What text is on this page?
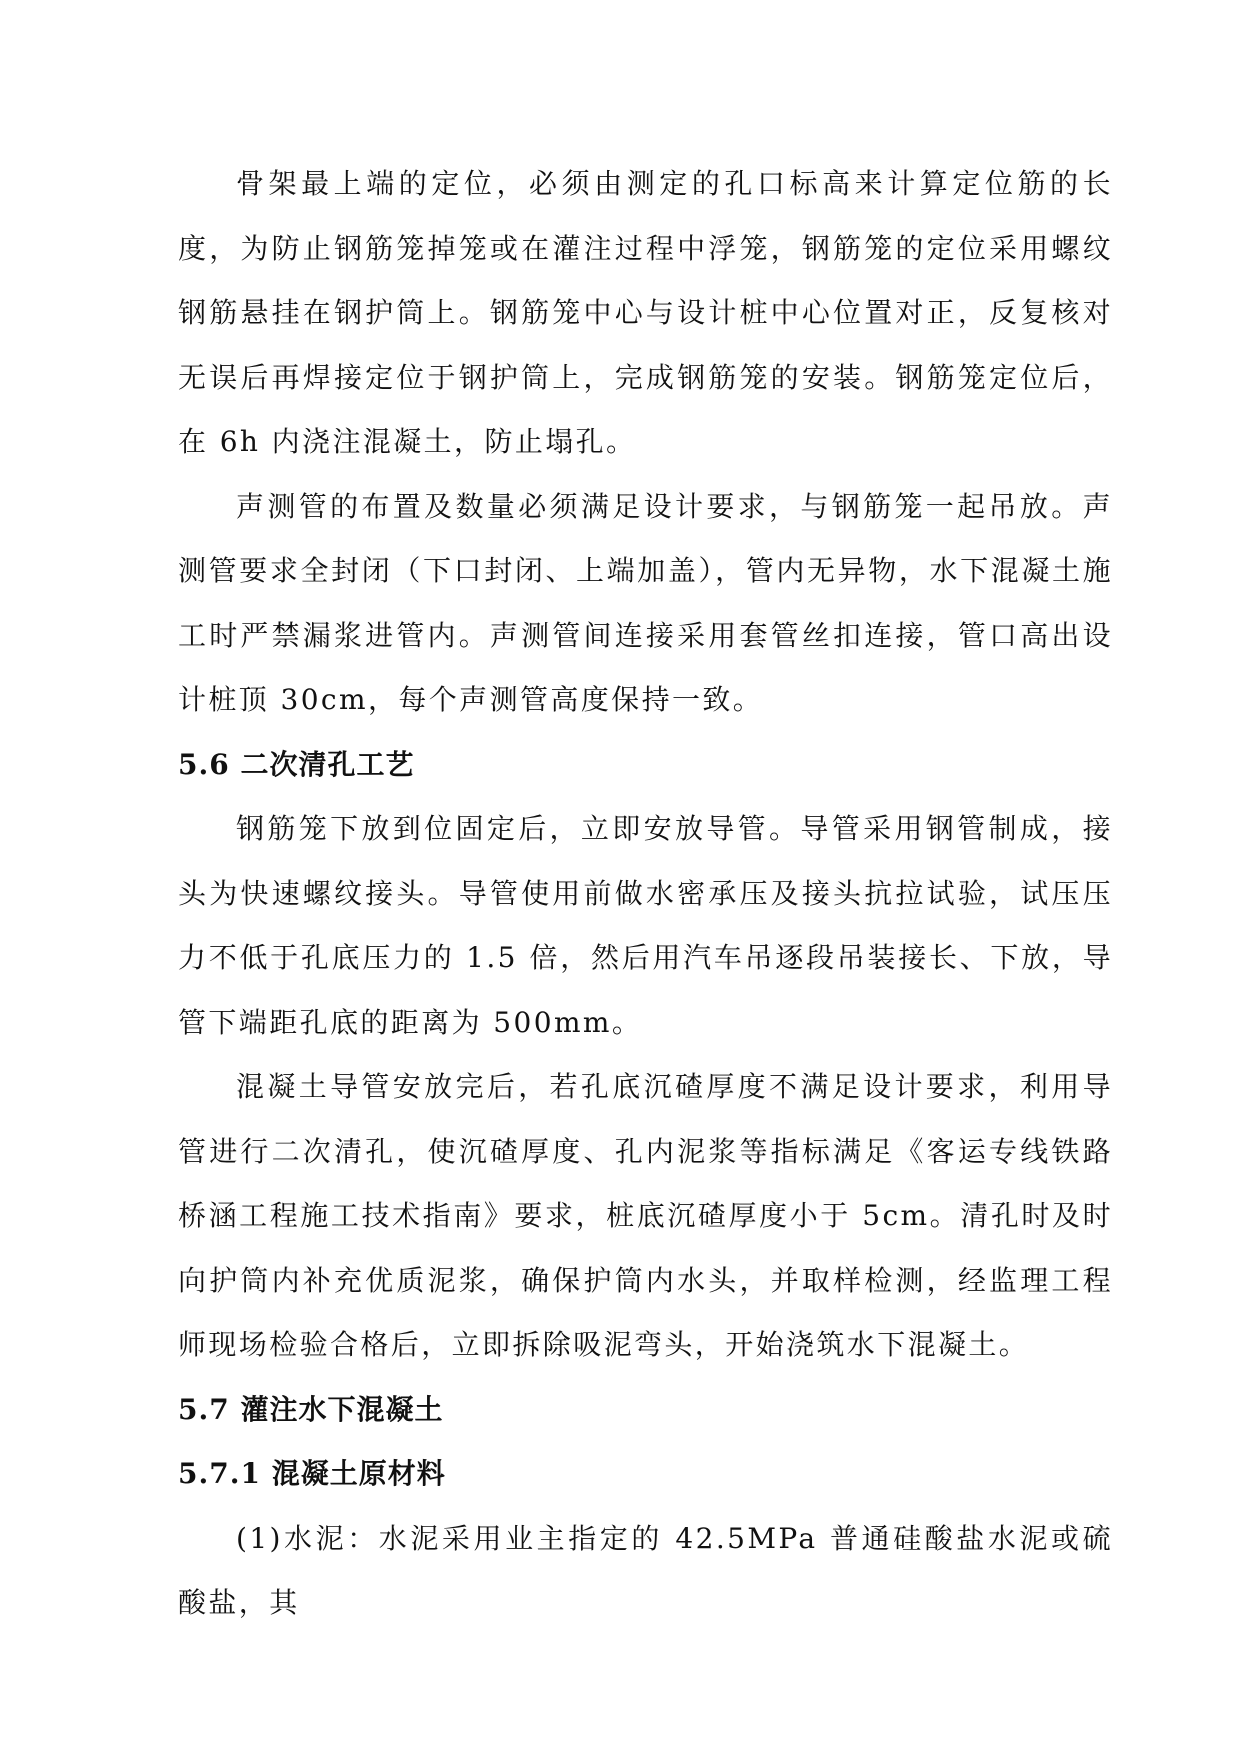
骨架最上端的定位，必须由测定的孔口标高来计算定位筋的长度，为防止钢筋笼掉笼或在灌注过程中浮笼，钢筋笼的定位采用螺纹钢筋悬挂在钢护筒上。钢筋笼中心与设计桩中心位置对正，反复核对无误后再焊接定位于钢护筒上，完成钢筋笼的安装。钢筋笼定位后，在 6h 内浇注混凝土，防止塌孔。

声测管的布置及数量必须满足设计要求，与钢筋笼一起吊放。声测管要求全封闭（下口封闭、上端加盖），管内无异物，水下混凝土施工时严禁漏浆进管内。声测管间连接采用套管丝扣连接，管口高出设计桩顶 30cm，每个声测管高度保持一致。

5.6 二次清孔工艺

钢筋笼下放到位固定后，立即安放导管。导管采用钢管制成，接头为快速螺纹接头。导管使用前做水密承压及接头抗拉试验，试压压力不低于孔底压力的 1.5 倍，然后用汽车吊逐段吊装接长、下放，导管下端距孔底的距离为 500mm。

混凝土导管安放完后，若孔底沉碴厚度不满足设计要求，利用导管进行二次清孔，使沉碴厚度、孔内泥浆等指标满足《客运专线铁路桥涵工程施工技术指南》要求，桩底沉碴厚度小于 5cm。清孔时及时向护筒内补充优质泥浆，确保护筒内水头，并取样检测，经监理工程师现场检验合格后，立即拆除吸泥弯头，开始浇筑水下混凝土。

5.7 灌注水下混凝土
5.7.1 混凝土原材料

(1)水泥：水泥采用业主指定的 42.5MPa 普通硅酸盐水泥或硫酸盐，其
